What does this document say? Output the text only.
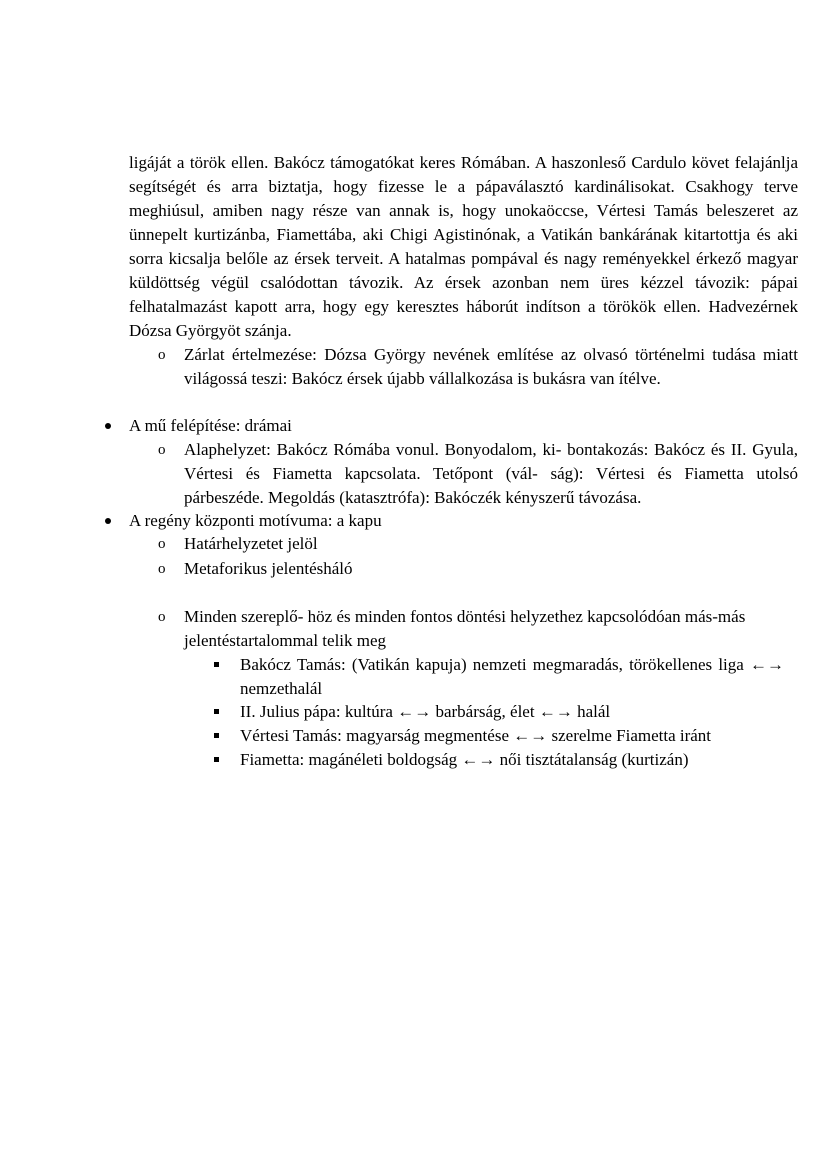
ligáját a török ellen. Bakócz támogatókat keres Rómában. A haszonleső Cardulo követ felajánlja segítségét és arra biztatja, hogy fizesse le a pápaválasztó kardinálisokat. Csakhogy terve meghiúsul, amiben nagy része van annak is, hogy unokaöccse, Vértesi Tamás beleszeret az ünnepelt kurtizánba, Fiamettába, aki Chigi Agistinónak, a Vatikán bankárának kitartottja és aki sorra kicsalja belőle az érsek terveit. A hatalmas pompával és nagy reményekkel érkező magyar küldöttség végül csalódottan távozik. Az érsek azonban nem üres kézzel távozik: pápai felhatalmazást kapott arra, hogy egy keresztes háborút indítson a törökök ellen. Hadvezérnek Dózsa Györgyöt szánja.

o Zárlat értelmezése: Dózsa György nevének említése az olvasó történelmi tudása miatt világossá teszi: Bakócz érsek újabb vállalkozása is bukásra van ítélve.
A mű felépítése: drámai
o Alaphelyzet: Bakócz Rómába vonul. Bonyodalom, ki- bontakozás: Bakócz és II. Gyula, Vértesi és Fiametta kapcsolata. Tetőpont (vál- ság): Vértesi és Fiametta utolsó párbeszéde. Megoldás (katasztrófa): Bakóczék kényszerű távozása.
A regény központi motívuma: a kapu
o Határhelyzetet jelöl
o Metaforikus jelentésháló
o Minden szereplő- höz és minden fontos döntési helyzethez kapcsolódóan más-más jelentéstartalommal telik meg
Bakócz Tamás: (Vatikán kapuja) nemzeti megmaradás, törökellenes liga ←→ nemzethalál
II. Julius pápa: kultúra ←→ barbárság, élet ←→ halál
Vértesi Tamás: magyarság megmentése ←→ szerelme Fiametta iránt
Fiametta: magánéleti boldogság ←→ női tisztátalanság (kurtizán)
